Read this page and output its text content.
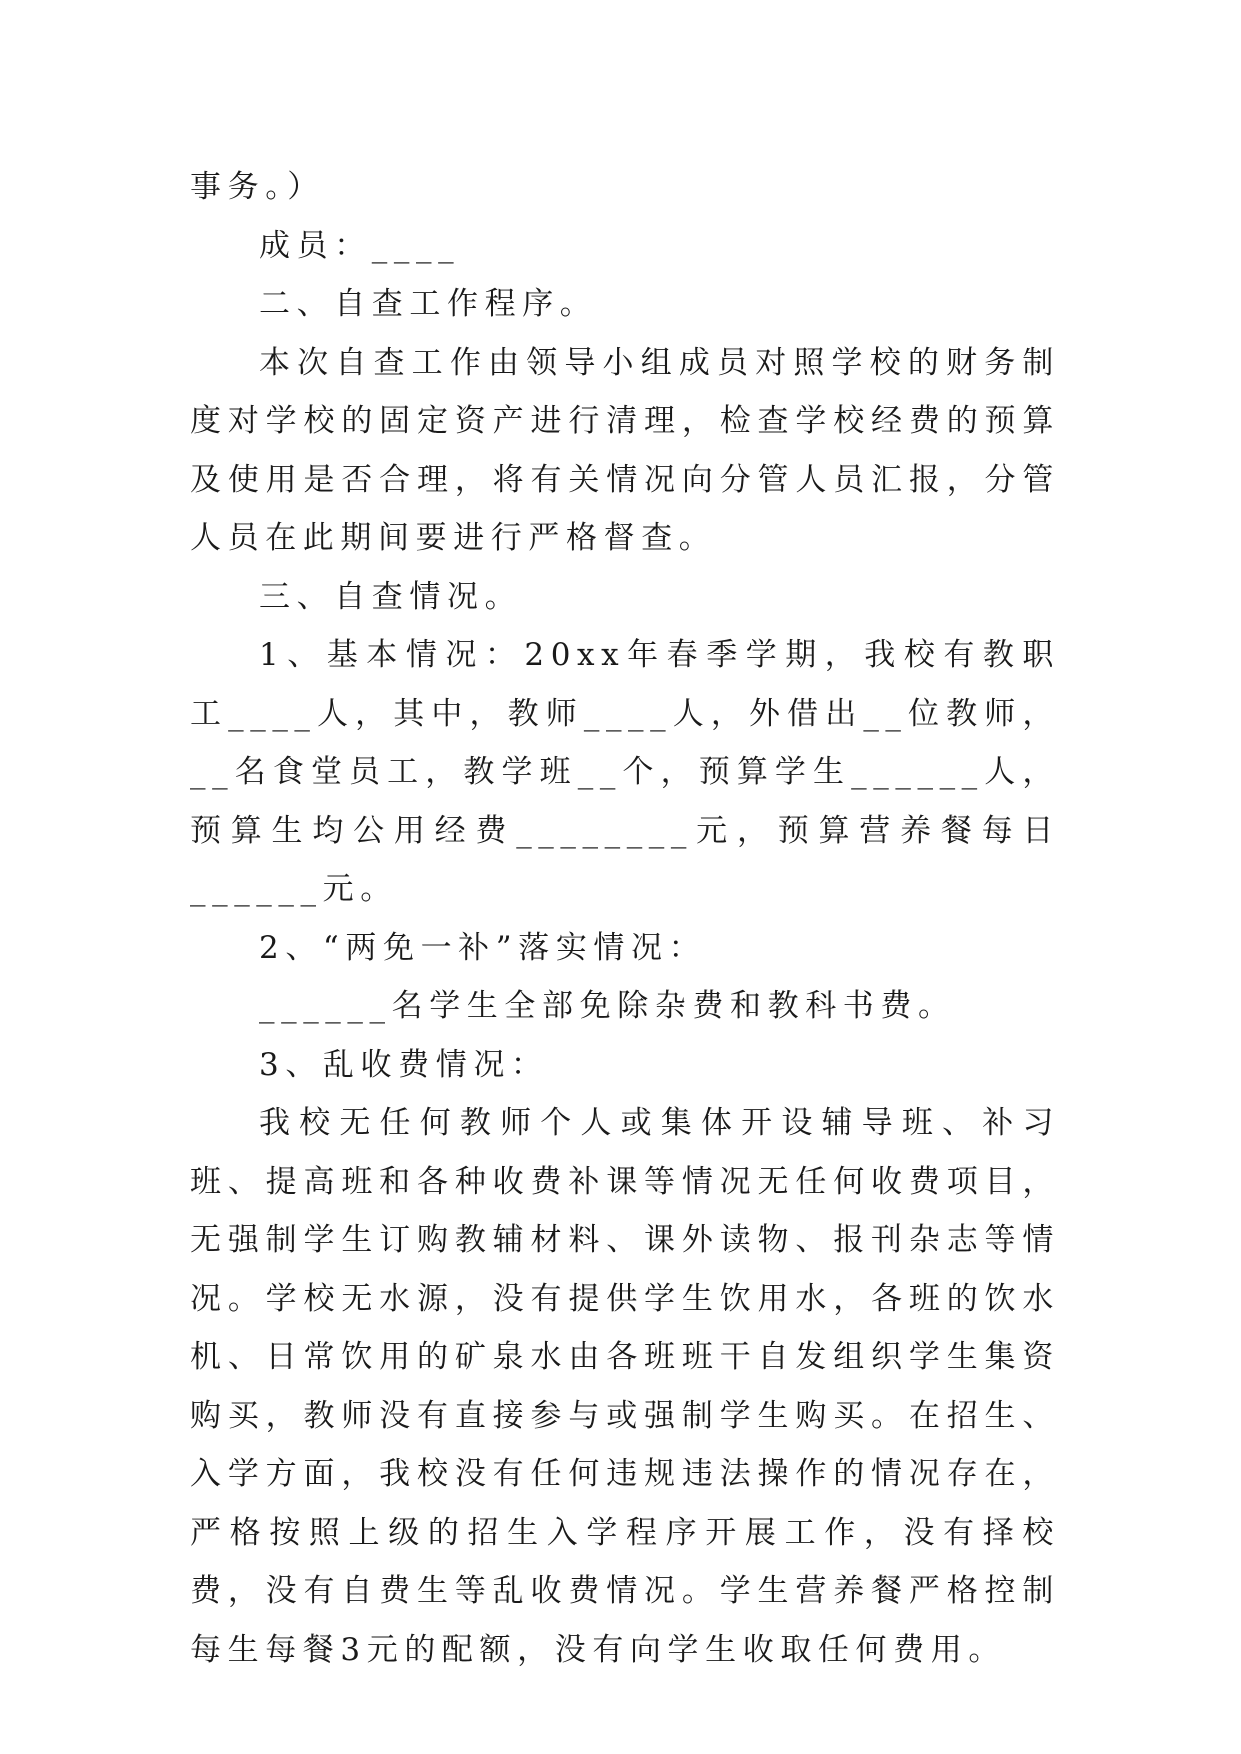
事务。）

成员：____

二、自查工作程序。

本次自查工作由领导小组成员对照学校的财务制度对学校的固定资产进行清理，检查学校经费的预算及使用是否合理，将有关情况向分管人员汇报，分管人员在此期间要进行严格督查。

三、自查情况。

1、基本情况：20xx年春季学期，我校有教职工____人，其中，教师____人，外借出__位教师，__名食堂员工，教学班__个，预算学生______人，预算生均公用经费________元，预算营养餐每日______元。

2、“两免一补”落实情况：

______名学生全部免除杂费和教科书费。

3、乱收费情况：

我校无任何教师个人或集体开设辅导班、补习班、提高班和各种收费补课等情况无任何收费项目，无强制学生订购教辅材料、课外读物、报刊杂志等情况。学校无水源，没有提供学生饮用水，各班的饮水机、日常饮用的矿泉水由各班班干自发组织学生集资购买，教师没有直接参与或强制学生购买。在招生、入学方面，我校没有任何违规违法操作的情况存在，严格按照上级的招生入学程序开展工作，没有择校费，没有自费生等乱收费情况。学生营养餐严格控制每生每餐3元的配额，没有向学生收取任何费用。
